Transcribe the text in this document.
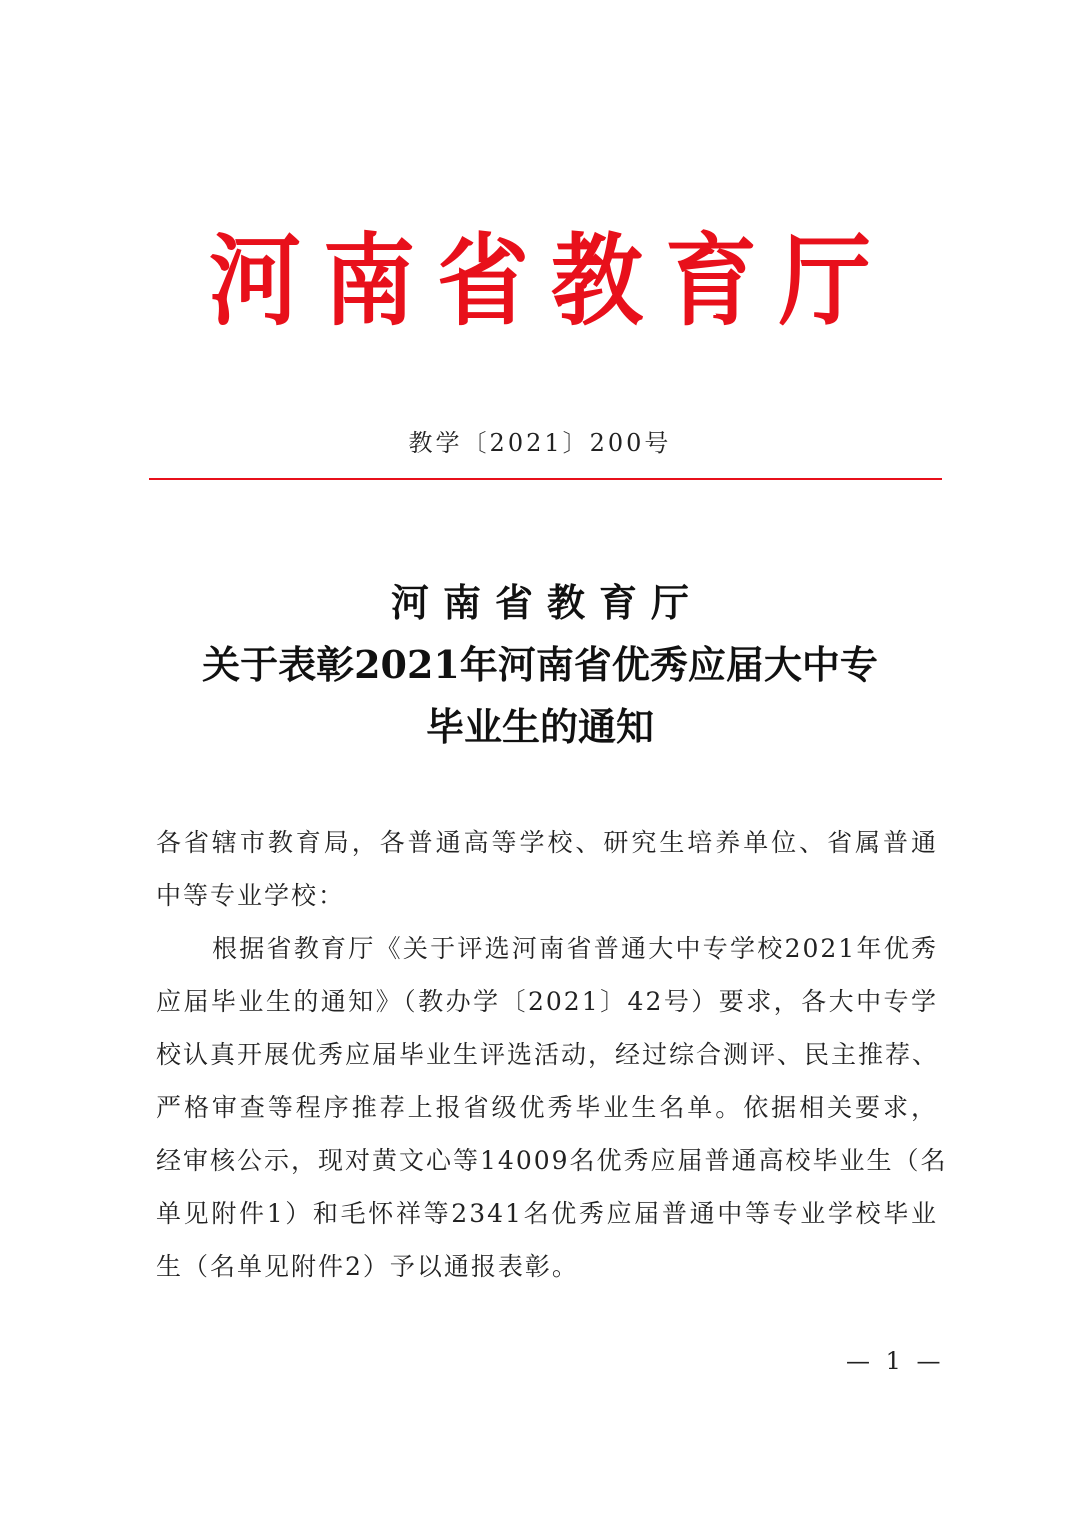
河南省教育厅
教学〔2021〕200号
河南省教育厅
关于表彰2021年河南省优秀应届大中专
毕业生的通知
各省辖市教育局，各普通高等学校、研究生培养单位、省属普通
中等专业学校：
根据省教育厅《关于评选河南省普通大中专学校2021年优秀
应届毕业生的通知》（教办学〔2021〕42号）要求，各大中专学
校认真开展优秀应届毕业生评选活动，经过综合测评、民主推荐、
严格审查等程序推荐上报省级优秀毕业生名单。依据相关要求，
经审核公示，现对黄文心等14009名优秀应届普通高校毕业生（名
单见附件1）和毛怀祥等2341名优秀应届普通中等专业学校毕业
生（名单见附件2）予以通报表彰。
— 1 —
